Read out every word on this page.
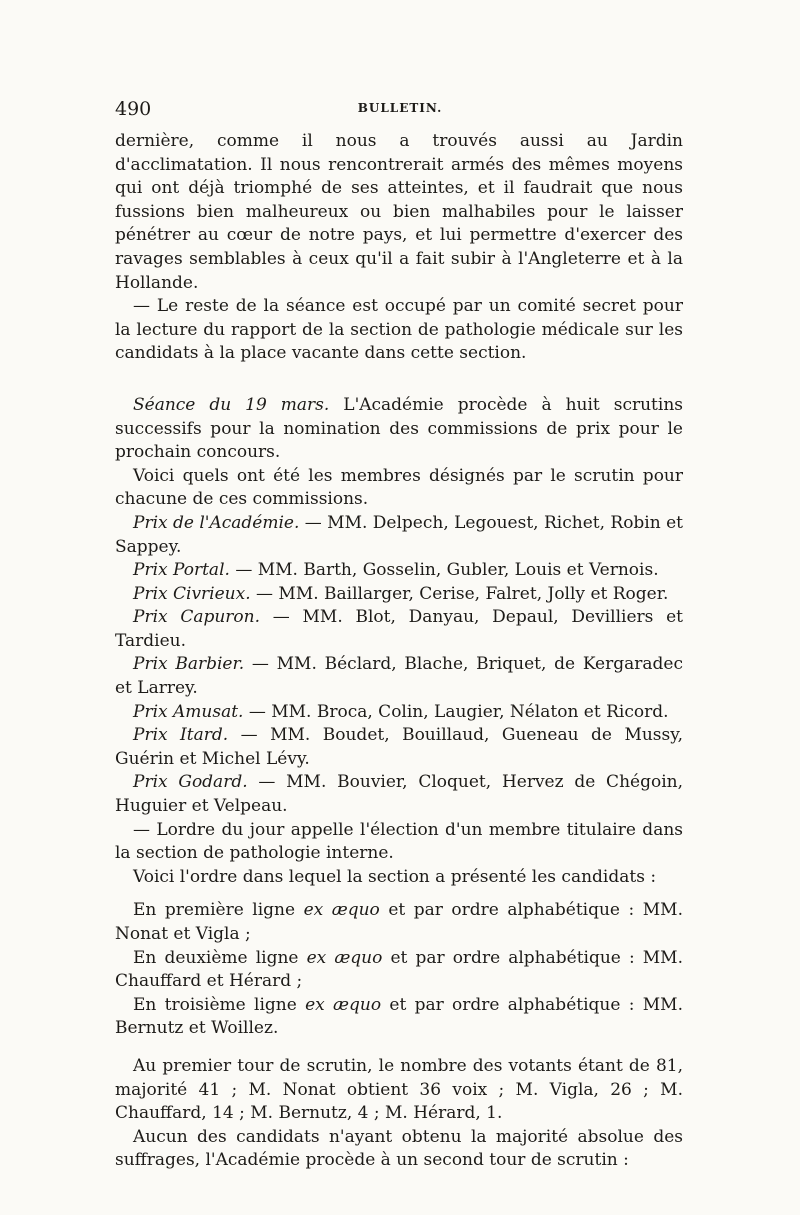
490	BULLETIN.

dernière, comme il nous a trouvés aussi au Jardin d'acclimatation. Il nous rencontrerait armés des mêmes moyens qui ont déjà triomphé de ses atteintes, et il faudrait que nous fussions bien malheureux ou bien malhabiles pour le laisser pénétrer au cœur de notre pays, et lui permettre d'exercer des ravages semblables à ceux qu'il a fait subir à l'Angleterre et à la Hollande.

— Le reste de la séance est occupé par un comité secret pour la lecture du rapport de la section de pathologie médicale sur les candidats à la place vacante dans cette section.

Séance du 19 mars. L'Académie procède à huit scrutins successifs pour la nomination des commissions de prix pour le prochain concours.

Voici quels ont été les membres désignés par le scrutin pour chacune de ces commissions.

Prix de l'Académie. — MM. Delpech, Legouest, Richet, Robin et Sappey.

Prix Portal. — MM. Barth, Gosselin, Gubler, Louis et Vernois.

Prix Civrieux. — MM. Baillarger, Cerise, Falret, Jolly et Roger.

Prix Capuron. — MM. Blot, Danyau, Depaul, Devilliers et Tardieu.

Prix Barbier. — MM. Béclard, Blache, Briquet, de Kergaradec et Larrey.

Prix Amusat. — MM. Broca, Colin, Laugier, Nélaton et Ricord.

Prix Itard. — MM. Boudet, Bouillaud, Gueneau de Mussy, Guérin et Michel Lévy.

Prix Godard. — MM. Bouvier, Cloquet, Hervez de Chégoin, Huguier et Velpeau.

— Lordre du jour appelle l'élection d'un membre titulaire dans la section de pathologie interne.

Voici l'ordre dans lequel la section a présenté les candidats :

En première ligne ex æquo et par ordre alphabétique : MM. Nonat et Vigla ;

En deuxième ligne ex æquo et par ordre alphabétique : MM. Chauffard et Hérard ;

En troisième ligne ex æquo et par ordre alphabétique : MM. Bernutz et Woillez.

Au premier tour de scrutin, le nombre des votants étant de 81, majorité 41 ; M. Nonat obtient 36 voix ; M. Vigla, 26 ; M. Chauffard, 14 ; M. Bernutz, 4 ; M. Hérard, 1.

Aucun des candidats n'ayant obtenu la majorité absolue des suffrages, l'Académie procède à un second tour de scrutin :
